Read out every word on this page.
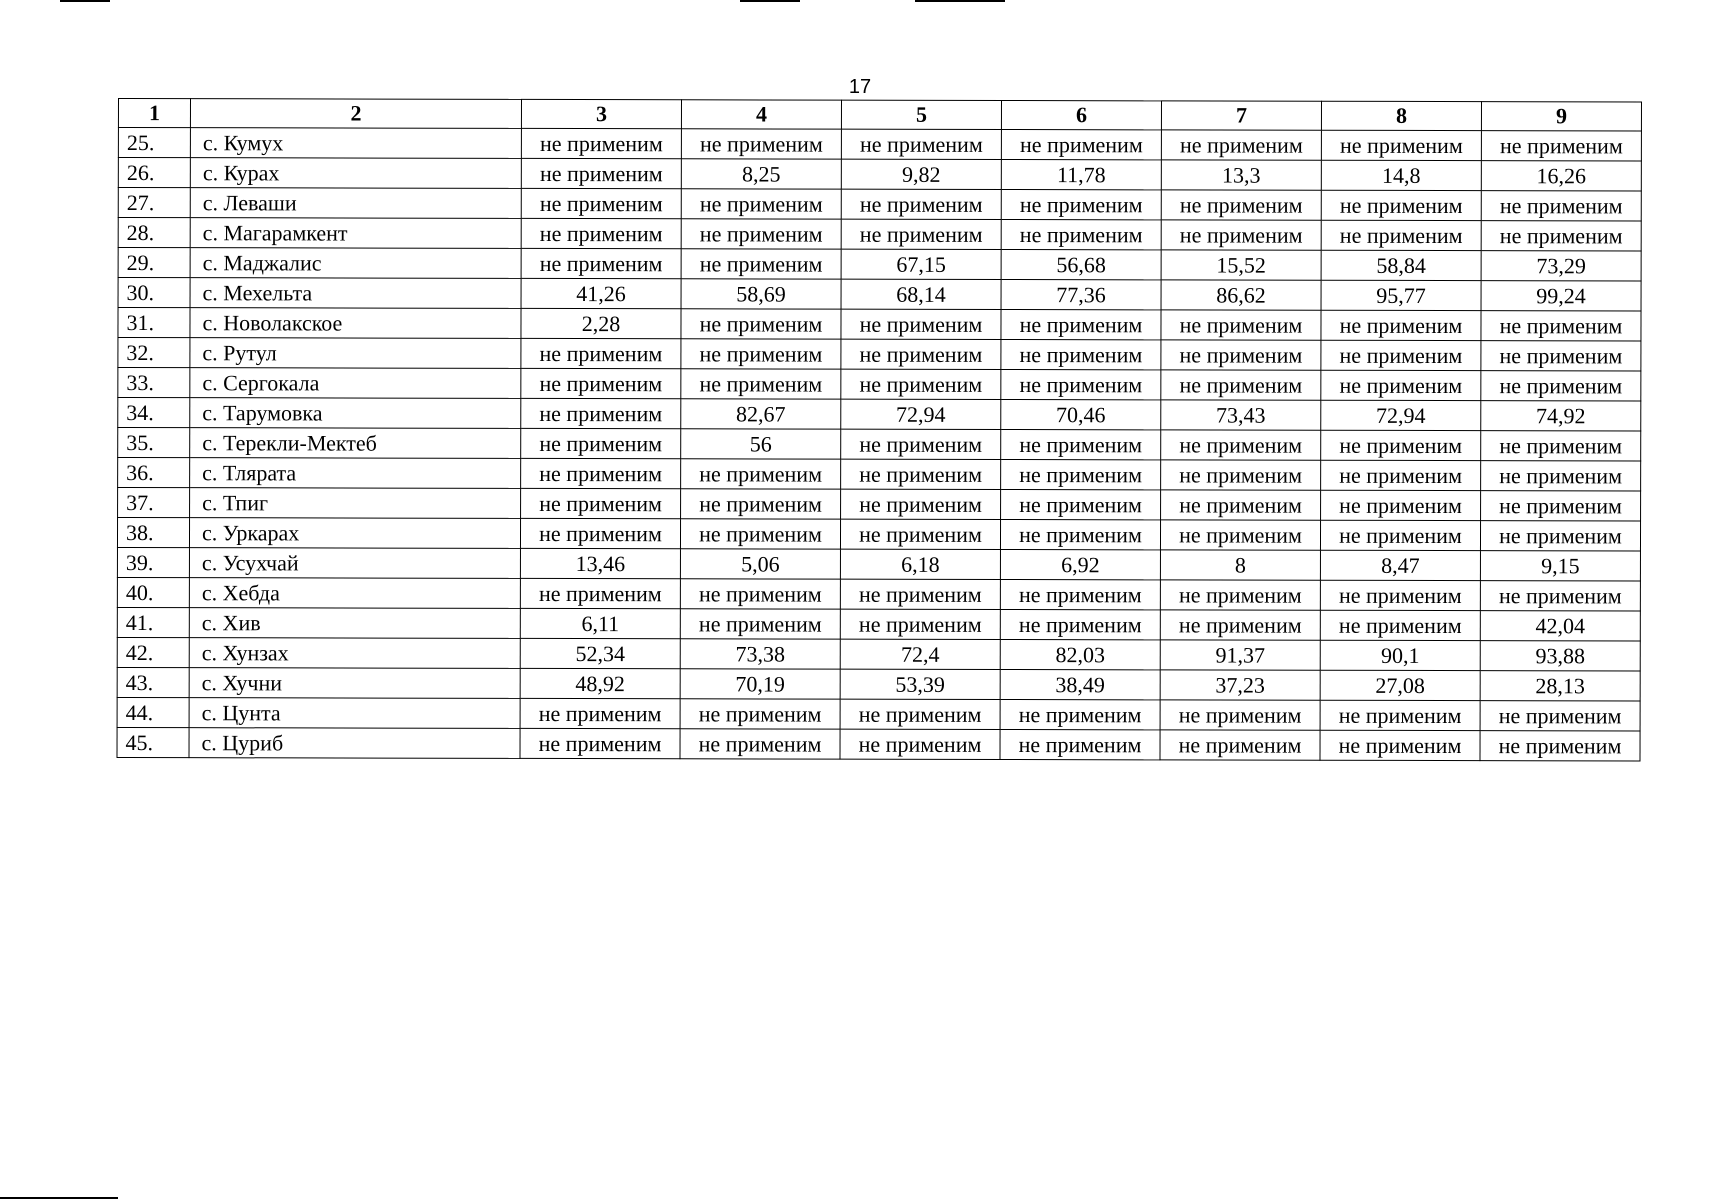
17
1	2	3	4	5	6	7	8	9
25.	с. Кумух	не применим	не применим	не применим	не применим	не применим	не применим	не применим
26.	с. Курах	не применим	8,25	9,82	11,78	13,3	14,8	16,26
27.	с. Леваши	не применим	не применим	не применим	не применим	не применим	не применим	не применим
28.	с. Магарамкент	не применим	не применим	не применим	не применим	не применим	не применим	не применим
29.	с. Маджалис	не применим	не применим	67,15	56,68	15,52	58,84	73,29
30.	с. Мехельта	41,26	58,69	68,14	77,36	86,62	95,77	99,24
31.	с. Новолакское	2,28	не применим	не применим	не применим	не применим	не применим	не применим
32.	с. Рутул	не применим	не применим	не применим	не применим	не применим	не применим	не применим
33.	с. Сергокала	не применим	не применим	не применим	не применим	не применим	не применим	не применим
34.	с. Тарумовка	не применим	82,67	72,94	70,46	73,43	72,94	74,92
35.	с. Терекли-Мектеб	не применим	56	не применим	не применим	не применим	не применим	не применим
36.	с. Тлярата	не применим	не применим	не применим	не применим	не применим	не применим	не применим
37.	с. Тпиг	не применим	не применим	не применим	не применим	не применим	не применим	не применим
38.	с. Уркарах	не применим	не применим	не применим	не применим	не применим	не применим	не применим
39.	с. Усухчай	13,46	5,06	6,18	6,92	8	8,47	9,15
40.	с. Хебда	не применим	не применим	не применим	не применим	не применим	не применим	не применим
41.	с. Хив	6,11	не применим	не применим	не применим	не применим	не применим	42,04
42.	с. Хунзах	52,34	73,38	72,4	82,03	91,37	90,1	93,88
43.	с. Хучни	48,92	70,19	53,39	38,49	37,23	27,08	28,13
44.	с. Цунта	не применим	не применим	не применим	не применим	не применим	не применим	не применим
45.	с. Цуриб	не применим	не применим	не применим	не применим	не применим	не применим	не применим
